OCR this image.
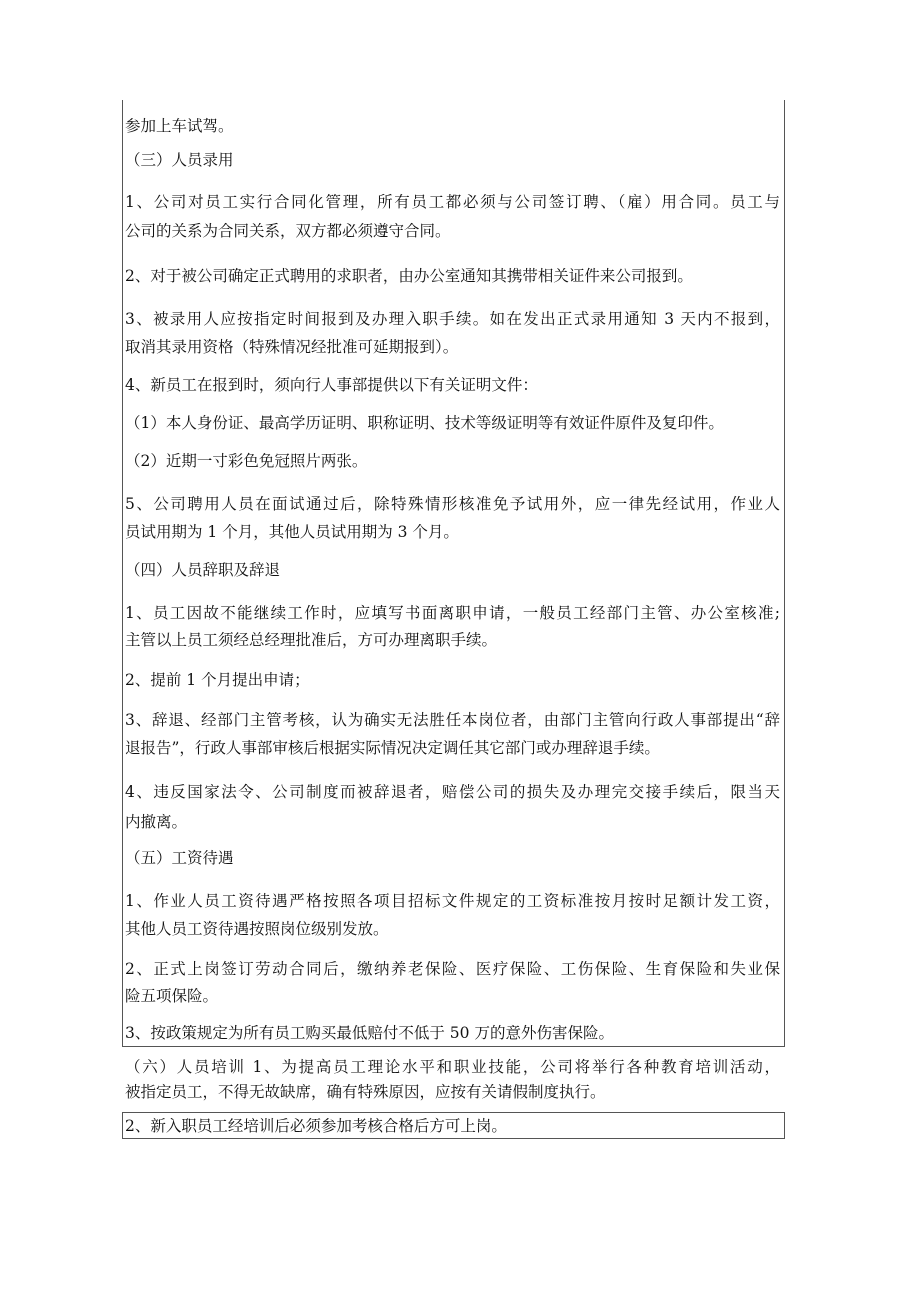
参加上车试驾。
（三）人员录用
1、公司对员工实行合同化管理，所有员工都必须与公司签订聘、（雇）用合同。员工与
公司的关系为合同关系，双方都必须遵守合同。
2、对于被公司确定正式聘用的求职者，由办公室通知其携带相关证件来公司报到。
3、被录用人应按指定时间报到及办理入职手续。如在发出正式录用通知 3 天内不报到，
取消其录用资格（特殊情况经批准可延期报到）。
4、新员工在报到时，须向行人事部提供以下有关证明文件：
（1）本人身份证、最高学历证明、职称证明、技术等级证明等有效证件原件及复印件。
（2）近期一寸彩色免冠照片两张。
5、公司聘用人员在面试通过后，除特殊情形核准免予试用外，应一律先经试用，作业人
员试用期为 1 个月，其他人员试用期为 3 个月。
（四）人员辞职及辞退
1、员工因故不能继续工作时，应填写书面离职申请，一般员工经部门主管、办公室核准;
主管以上员工须经总经理批准后，方可办理离职手续。
2、提前 1 个月提出申请；
3、辞退、经部门主管考核，认为确实无法胜任本岗位者，由部门主管向行政人事部提出“辞
退报告”，行政人事部审核后根据实际情况决定调任其它部门或办理辞退手续。
4、违反国家法令、公司制度而被辞退者，赔偿公司的损失及办理完交接手续后，限当天
内撤离。
（五）工资待遇
1、作业人员工资待遇严格按照各项目招标文件规定的工资标准按月按时足额计发工资，
其他人员工资待遇按照岗位级别发放。
2、正式上岗签订劳动合同后，缴纳养老保险、医疗保险、工伤保险、生育保险和失业保
险五项保险。
3、按政策规定为所有员工购买最低赔付不低于 50 万的意外伤害保险。
（六）人员培训 1、为提高员工理论水平和职业技能，公司将举行各种教育培训活动，
被指定员工，不得无故缺席，确有特殊原因，应按有关请假制度执行。
2、新入职员工经培训后必须参加考核合格后方可上岗。
